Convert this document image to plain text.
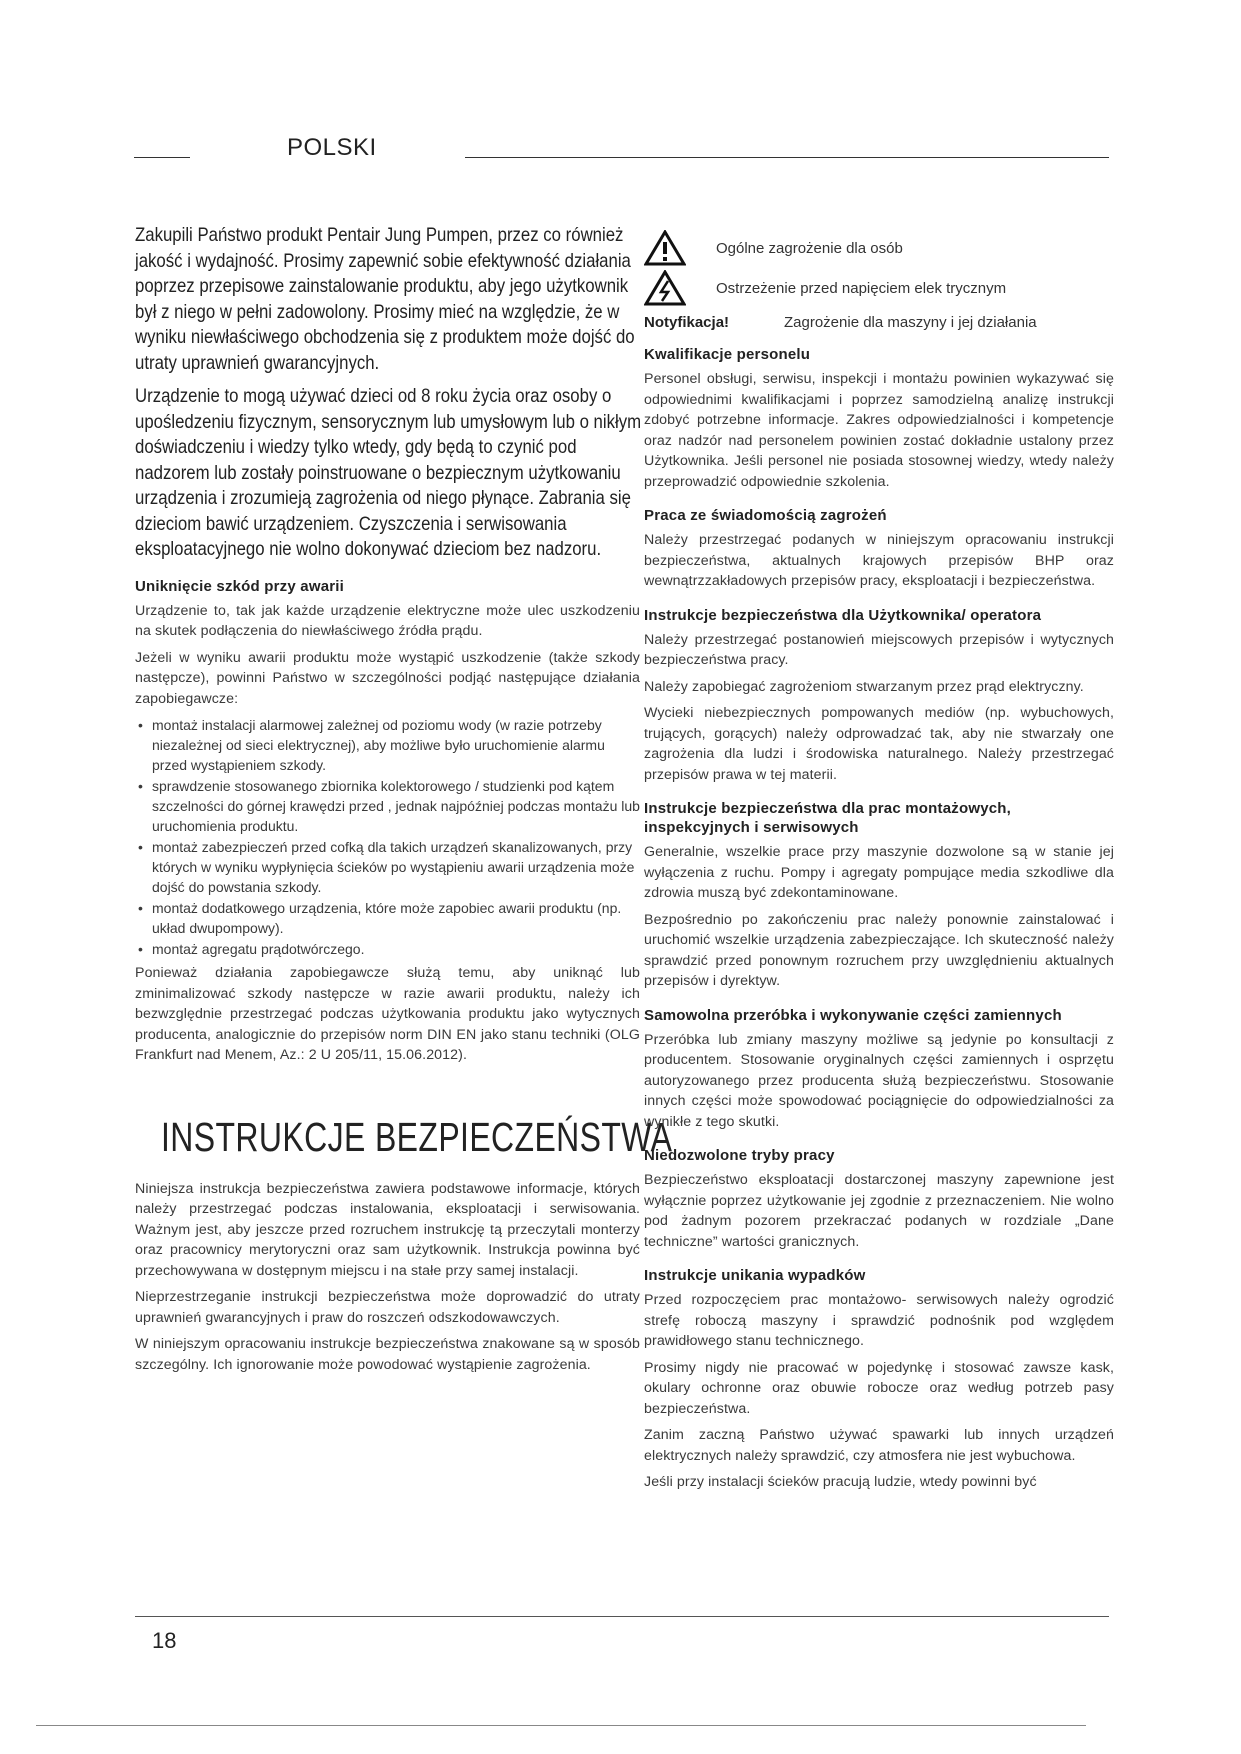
POLSKI

Zakupili Państwo produkt Pentair Jung Pumpen, przez co również jakość i wydajność. Prosimy zapewnić sobie efektywność działania poprzez przepisowe zainstalowanie produktu, aby jego użytkownik był z niego w pełni zadowolony. Prosimy mieć na względzie, że w wyniku niewłaściwego obchodzenia się z produktem może dojść do utraty uprawnień gwarancyjnych.

Urządzenie to mogą używać dzieci od 8 roku życia oraz osoby o upośledzeniu fizycznym, sensorycznym lub umysłowym lub o nikłym doświadczeniu i wiedzy tylko wtedy, gdy będą to czynić pod nadzorem lub zostały poinstruowane o bezpiecznym użytkowaniu urządzenia i zrozumieją zagrożenia od niego płynące. Zabrania się dzieciom bawić urządzeniem. Czyszczenia i serwisowania eksploatacyjnego nie wolno dokonywać dzieciom bez nadzoru.

Uniknięcie szkód przy awarii

Urządzenie to, tak jak każde urządzenie elektryczne może ulec uszkodzeniu na skutek podłączenia do niewłaściwego źródła prądu.

Jeżeli w wyniku awarii produktu może wystąpić uszkodzenie (także szkody następcze), powinni Państwo w szczególności podjąć następujące działania zapobiegawcze:

• montaż instalacji alarmowej zależnej od poziomu wody (w razie potrzeby niezależnej od sieci elektrycznej), aby możliwe było uruchomienie alarmu przed wystąpieniem szkody.
• sprawdzenie stosowanego zbiornika kolektorowego / studzienki pod kątem szczelności do górnej krawędzi przed , jednak najpóźniej podczas montażu lub uruchomienia produktu.
• montaż zabezpieczeń przed cofką dla takich urządzeń skanalizowanych, przy których w wyniku wypłynięcia ścieków po wystąpieniu awarii urządzenia może dojść do powstania szkody.
• montaż dodatkowego urządzenia, które może zapobiec awarii produktu (np. układ dwupompowy).
• montaż agregatu prądotwórczego.

Ponieważ działania zapobiegawcze służą temu, aby uniknąć lub zminimalizować szkody następcze w razie awarii produktu, należy ich bezwzględnie przestrzegać podczas użytkowania produktu jako wytycznych producenta, analogicznie do przepisów norm DIN EN jako stanu techniki (OLG Frankfurt nad Menem, Az.: 2 U 205/11, 15.06.2012).

INSTRUKCJE BEZPIECZEŃSTWA

Niniejsza instrukcja bezpieczeństwa zawiera podstawowe informacje, których należy przestrzegać podczas instalowania, eksploatacji i serwisowania. Ważnym jest, aby jeszcze przed rozruchem instrukcję tą przeczytali monterzy oraz pracownicy merytoryczni oraz sam użytkownik. Instrukcja powinna być przechowywana w dostępnym miejscu i na stałe przy samej instalacji.

Nieprzestrzeganie instrukcji bezpieczeństwa może doprowadzić do utraty uprawnień gwarancyjnych i praw do roszczeń odszkodowawczych.

W niniejszym opracowaniu instrukcje bezpieczeństwa znakowane są w sposób szczególny. Ich ignorowanie może powodować wystąpienie zagrożenia.

Ogólne zagrożenie dla osób
Ostrzeżenie przed napięciem elek trycznym
Notyfikacja!	Zagrożenie dla maszyny i jej działania
Kwalifikacje personelu

Personel obsługi, serwisu, inspekcji i montażu powinien wykazywać się odpowiednimi kwalifikacjami i poprzez samodzielną analizę instrukcji zdobyć potrzebne informacje. Zakres odpowiedzialności i kompetencje oraz nadzór nad personelem powinien zostać dokładnie ustalony przez Użytkownika. Jeśli personel nie posiada stosownej wiedzy, wtedy należy przeprowadzić odpowiednie szkolenia.

Praca ze świadomością zagrożeń

Należy przestrzegać podanych w niniejszym opracowaniu instrukcji bezpieczeństwa, aktualnych krajowych przepisów BHP oraz wewnątrzzakładowych przepisów pracy, eksploatacji i bezpieczeństwa.

Instrukcje bezpieczeństwa dla Użytkownika/ operatora

Należy przestrzegać postanowień miejscowych przepisów i wytycznych bezpieczeństwa pracy.

Należy zapobiegać zagrożeniom stwarzanym przez prąd elektryczny.

Wycieki niebezpiecznych pompowanych mediów (np. wybuchowych, trujących, gorących) należy odprowadzać tak, aby nie stwarzały one zagrożenia dla ludzi i środowiska naturalnego. Należy przestrzegać przepisów prawa w tej materii.

Instrukcje bezpieczeństwa dla prac montażowych, inspekcyjnych i serwisowych

Generalnie, wszelkie prace przy maszynie dozwolone są w stanie jej wyłączenia z ruchu. Pompy i agregaty pompujące media szkodliwe dla zdrowia muszą być zdekontaminowane.

Bezpośrednio po zakończeniu prac należy ponownie zainstalować i uruchomić wszelkie urządzenia zabezpieczające. Ich skuteczność należy sprawdzić przed ponownym rozruchem przy uwzględnieniu aktualnych przepisów i dyrektyw.

Samowolna przeróbka i wykonywanie części zamiennych

Przeróbka lub zmiany maszyny możliwe są jedynie po konsultacji z producentem. Stosowanie oryginalnych części zamiennych i osprzętu autoryzowanego przez producenta służą bezpieczeństwu. Stosowanie innych części może spowodować pociągnięcie do odpowiedzialności za wynikłe z tego skutki.

Niedozwolone tryby pracy

Bezpieczeństwo eksploatacji dostarczonej maszyny zapewnione jest wyłącznie poprzez użytkowanie jej zgodnie z przeznaczeniem. Nie wolno pod żadnym pozorem przekraczać podanych w rozdziale „Dane techniczne” wartości granicznych.

Instrukcje unikania wypadków

Przed rozpoczęciem prac montażowo- serwisowych należy ogrodzić strefę roboczą maszyny i sprawdzić podnośnik pod względem prawidłowego stanu technicznego.

Prosimy nigdy nie pracować w pojedynkę i stosować zawsze kask, okulary ochronne oraz obuwie robocze oraz według potrzeb pasy bezpieczeństwa.

Zanim zaczną Państwo używać spawarki lub innych urządzeń elektrycznych należy sprawdzić, czy atmosfera nie jest wybuchowa.

Jeśli przy instalacji ścieków pracują ludzie, wtedy powinni być

18
